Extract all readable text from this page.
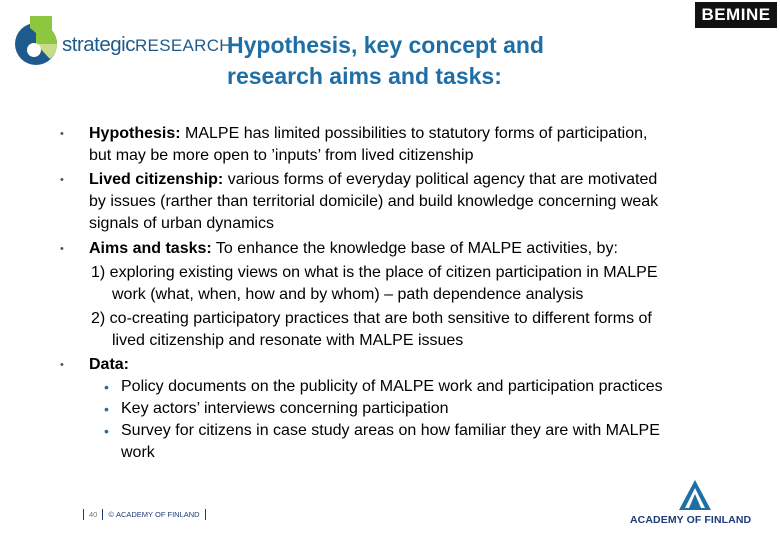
strategicRESEARCH
BEMINE
Hypothesis, key concept and
research aims and tasks:
• Hypothesis: MALPE has limited possibilities to statutory forms of participation,
but may be more open to ’inputs’ from lived citizenship
• Lived citizenship: various forms of everyday political agency that are motivated
by issues (rarther than territorial domicile) and build knowledge concerning weak
signals of urban dynamics
• Aims and tasks: To enhance the knowledge base of MALPE activities, by:
1) exploring existing views on what is the place of citizen participation in MALPE
work (what, when, how and by whom) – path dependence analysis
2) co-creating participatory practices that are both sensitive to different forms of
lived citizenship and resonate with MALPE issues
• Data:
• Policy documents on the publicity of MALPE work and participation practices
• Key actors’ interviews concerning participation
• Survey for citizens in case study areas on how familiar they are with MALPE
work
40 © ACADEMY OF FINLAND	ACADEMY OF FINLAND
